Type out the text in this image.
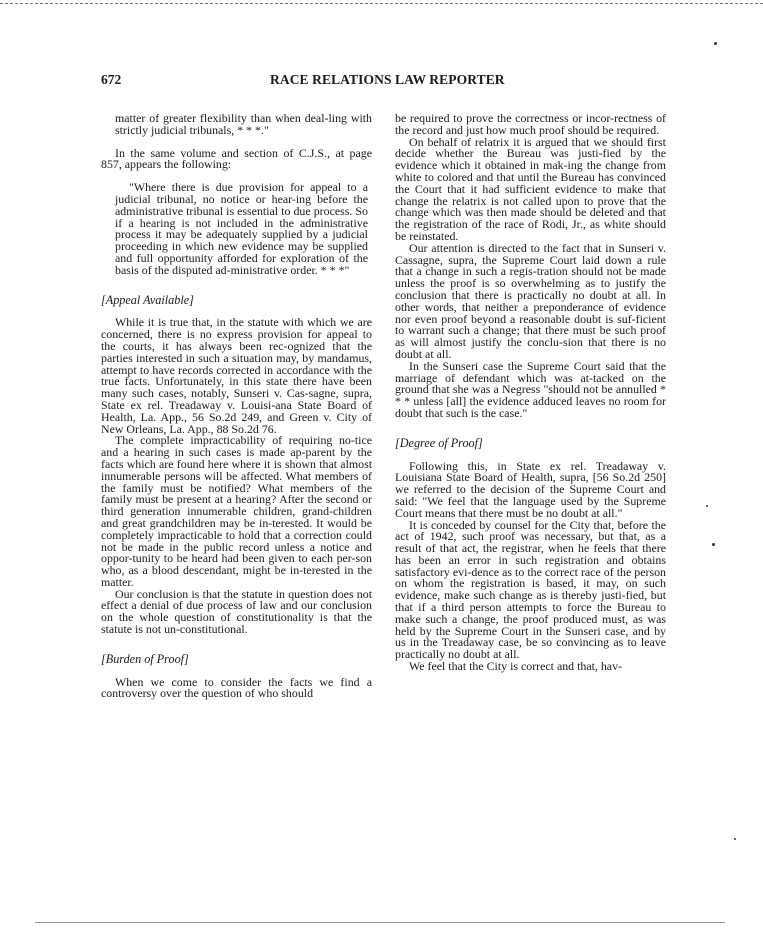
672	RACE RELATIONS LAW REPORTER

matter of greater flexibility than when deal-ling with strictly judicial tribunals, * * *."

In the same volume and section of C.J.S., at page 857, appears the following:

"Where there is due provision for appeal to a judicial tribunal, no notice or hear-ing before the administrative tribunal is essential to due process. So if a hearing is not included in the administrative process it may be adequately supplied by a judicial proceeding in which new evidence may be supplied and full opportunity afforded for exploration of the basis of the disputed ad-ministrative order. * * *"

[Appeal Available]

While it is true that, in the statute with which we are concerned, there is no express provision for appeal to the courts, it has always been rec-ognized that the parties interested in such a situation may, by mandamus, attempt to have records corrected in accordance with the true facts. Unfortunately, in this state there have been many such cases, notably, Sunseri v. Cas-sagne, supra, State ex rel. Treadaway v. Louisi-ana State Board of Health, La. App., 56 So.2d 249, and Green v. City of New Orleans, La. App., 88 So.2d 76.

The complete impracticability of requiring no-tice and a hearing in such cases is made ap-parent by the facts which are found here where it is shown that almost innumerable persons will be affected. What members of the family must be notified? What members of the family must be present at a hearing? After the second or third generation innumerable children, grand-children and great grandchildren may be in-terested. It would be completely impracticable to hold that a correction could not be made in the public record unless a notice and oppor-tunity to be heard had been given to each per-son who, as a blood descendant, might be in-terested in the matter.

Our conclusion is that the statute in question does not effect a denial of due process of law and our conclusion on the whole question of constitutionality is that the statute is not un-constitutional.

[Burden of Proof]

When we come to consider the facts we find a controversy over the question of who should

be required to prove the correctness or incor-rectness of the record and just how much proof should be required.

On behalf of relatrix it is argued that we should first decide whether the Bureau was justi-fied by the evidence which it obtained in mak-ing the change from white to colored and that until the Bureau has convinced the Court that it had sufficient evidence to make that change the relatrix is not called upon to prove that the change which was then made should be deleted and that the registration of the race of Rodi, Jr., as white should be reinstated.

Our attention is directed to the fact that in Sunseri v. Cassagne, supra, the Supreme Court laid down a rule that a change in such a regis-tration should not be made unless the proof is so overwhelming as to justify the conclusion that there is practically no doubt at all. In other words, that neither a preponderance of evidence nor even proof beyond a reasonable doubt is suf-ficient to warrant such a change; that there must be such proof as will almost justify the conclu-sion that there is no doubt at all.

In the Sunseri case the Supreme Court said that the marriage of defendant which was at-tacked on the ground that she was a Negress "should not be annulled * * * unless [all] the evidence adduced leaves no room for doubt that such is the case."

[Degree of Proof]

Following this, in State ex rel. Treadaway v. Louisiana State Board of Health, supra, [56 So.2d 250] we referred to the decision of the Supreme Court and said: "We feel that the language used by the Supreme Court means that there must be no doubt at all."

It is conceded by counsel for the City that, before the act of 1942, such proof was necessary, but that, as a result of that act, the registrar, when he feels that there has been an error in such registration and obtains satisfactory evi-dence as to the correct race of the person on whom the registration is based, it may, on such evidence, make such change as is thereby justi-fied, but that if a third person attempts to force the Bureau to make such a change, the proof produced must, as was held by the Supreme Court in the Sunseri case, and by us in the Treadaway case, be so convincing as to leave practically no doubt at all.

We feel that the City is correct and that, hav-
